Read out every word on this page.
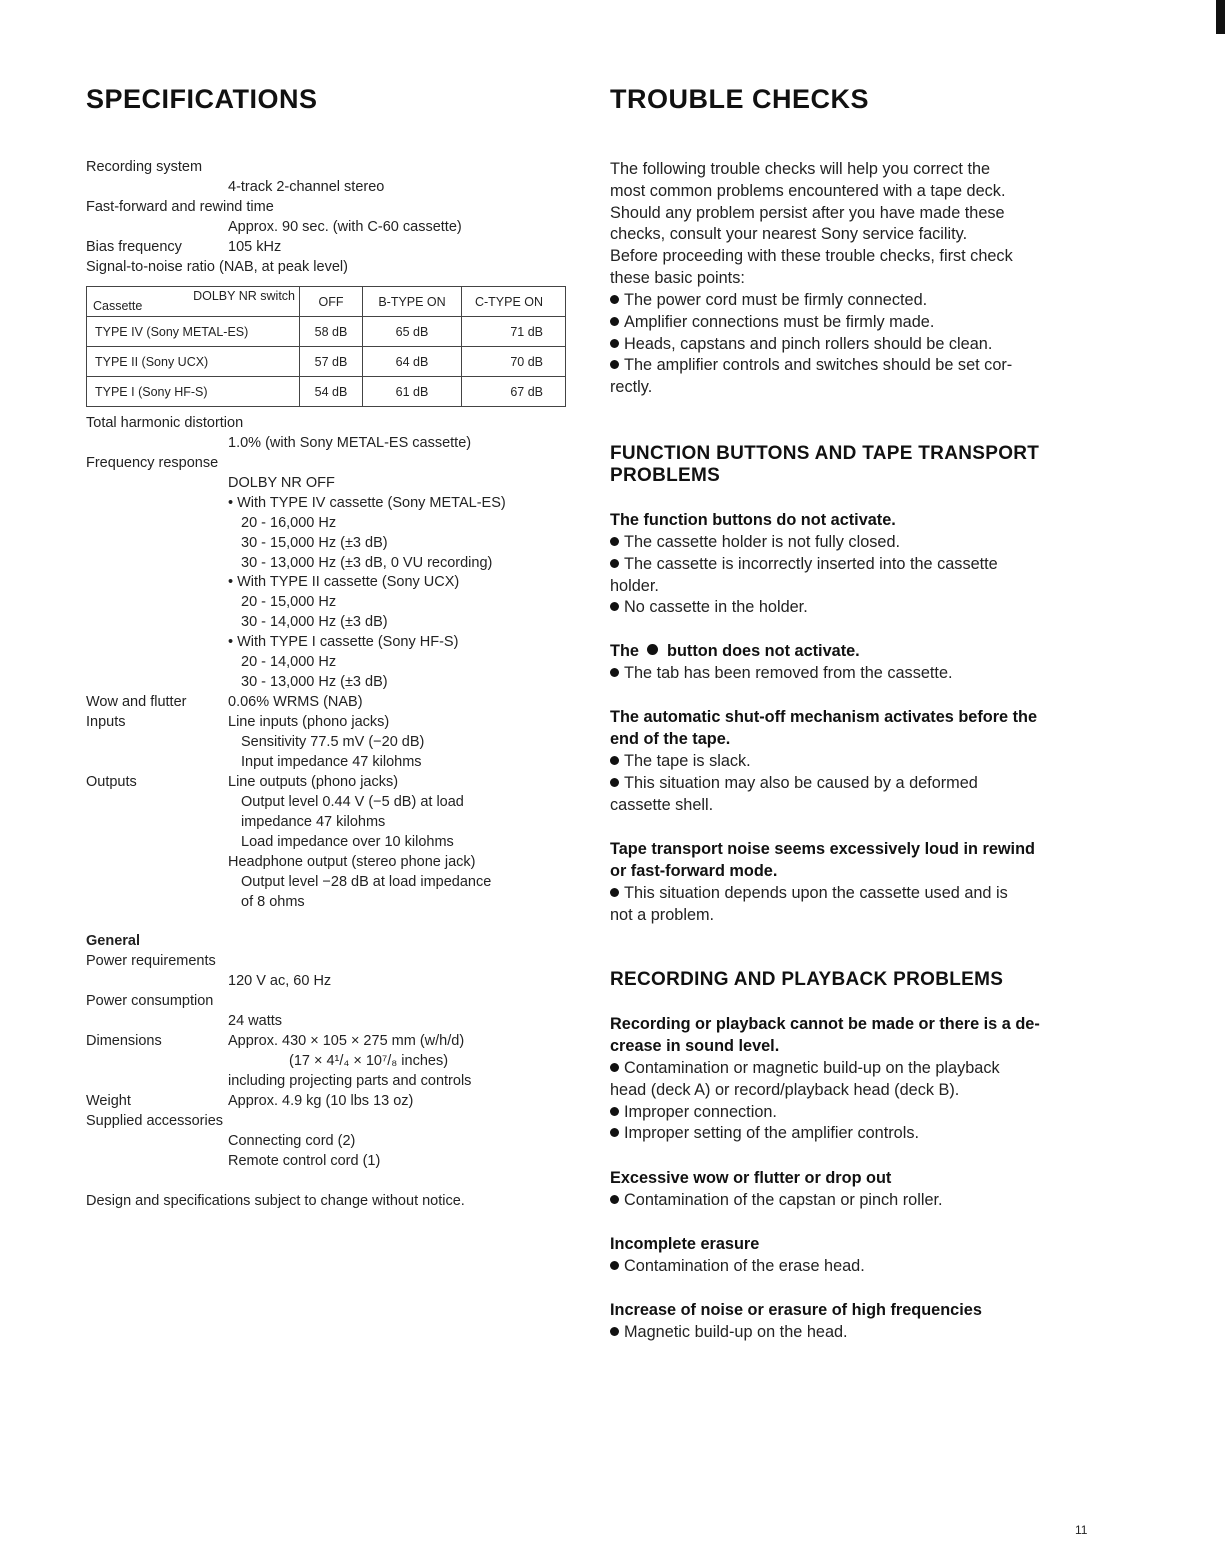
SPECIFICATIONS
Recording system
4-track 2-channel stereo
Fast-forward and rewind time
Approx. 90 sec. (with C-60 cassette)
Bias frequency	105 kHz
Signal-to-noise ratio (NAB, at peak level)
Cassette
DOLBY NR switch	OFF	B-TYPE ON	C-TYPE ON
TYPE IV (Sony METAL-ES)	58 dB	65 dB	71 dB
TYPE II (Sony UCX)	57 dB	64 dB	70 dB
TYPE I (Sony HF-S)	54 dB	61 dB	67 dB
Total harmonic distortion
1.0% (with Sony METAL-ES cassette)
Frequency response
DOLBY NR OFF
• With TYPE IV cassette (Sony METAL-ES)
20 - 16,000 Hz
30 - 15,000 Hz (±3 dB)
30 - 13,000 Hz (±3 dB, 0 VU recording)
• With TYPE II cassette (Sony UCX)
20 - 15,000 Hz
30 - 14,000 Hz (±3 dB)
• With TYPE I cassette (Sony HF-S)
20 - 14,000 Hz
30 - 13,000 Hz (±3 dB)
Wow and flutter	0.06% WRMS (NAB)
Inputs	Line inputs (phono jacks)
Sensitivity 77.5 mV (−20 dB)
Input impedance 47 kilohms
Outputs	Line outputs (phono jacks)
Output level 0.44 V (−5 dB) at load
impedance 47 kilohms
Load impedance over 10 kilohms
Headphone output (stereo phone jack)
Output level −28 dB at load impedance
of 8 ohms
General
Power requirements
120 V ac, 60 Hz
Power consumption
24 watts
Dimensions	Approx. 430 × 105 × 275 mm (w/h/d)
(17 × 4¹/₄ × 10⁷/₈ inches)
including projecting parts and controls
Weight	Approx. 4.9 kg (10 lbs 13 oz)
Supplied accessories
Connecting cord (2)
Remote control cord (1)
Design and specifications subject to change without notice.
TROUBLE CHECKS
The following trouble checks will help you correct the
most common problems encountered with a tape deck.
Should any problem persist after you have made these
checks, consult your nearest Sony service facility.
Before proceeding with these trouble checks, first check
these basic points:
The power cord must be firmly connected.
Amplifier connections must be firmly made.
Heads, capstans and pinch rollers should be clean.
The amplifier controls and switches should be set cor-
rectly.
FUNCTION BUTTONS AND TAPE TRANSPORT
PROBLEMS
The function buttons do not activate.
The cassette holder is not fully closed.
The cassette is incorrectly inserted into the cassette
holder.
No cassette in the holder.
The button does not activate.
The tab has been removed from the cassette.
The automatic shut-off mechanism activates before the
end of the tape.
The tape is slack.
This situation may also be caused by a deformed
cassette shell.
Tape transport noise seems excessively loud in rewind
or fast-forward mode.
This situation depends upon the cassette used and is
not a problem.
RECORDING AND PLAYBACK PROBLEMS
Recording or playback cannot be made or there is a de-
crease in sound level.
Contamination or magnetic build-up on the playback
head (deck A) or record/playback head (deck B).
Improper connection.
Improper setting of the amplifier controls.
Excessive wow or flutter or drop out
Contamination of the capstan or pinch roller.
Incomplete erasure
Contamination of the erase head.
Increase of noise or erasure of high frequencies
Magnetic build-up on the head.
11
